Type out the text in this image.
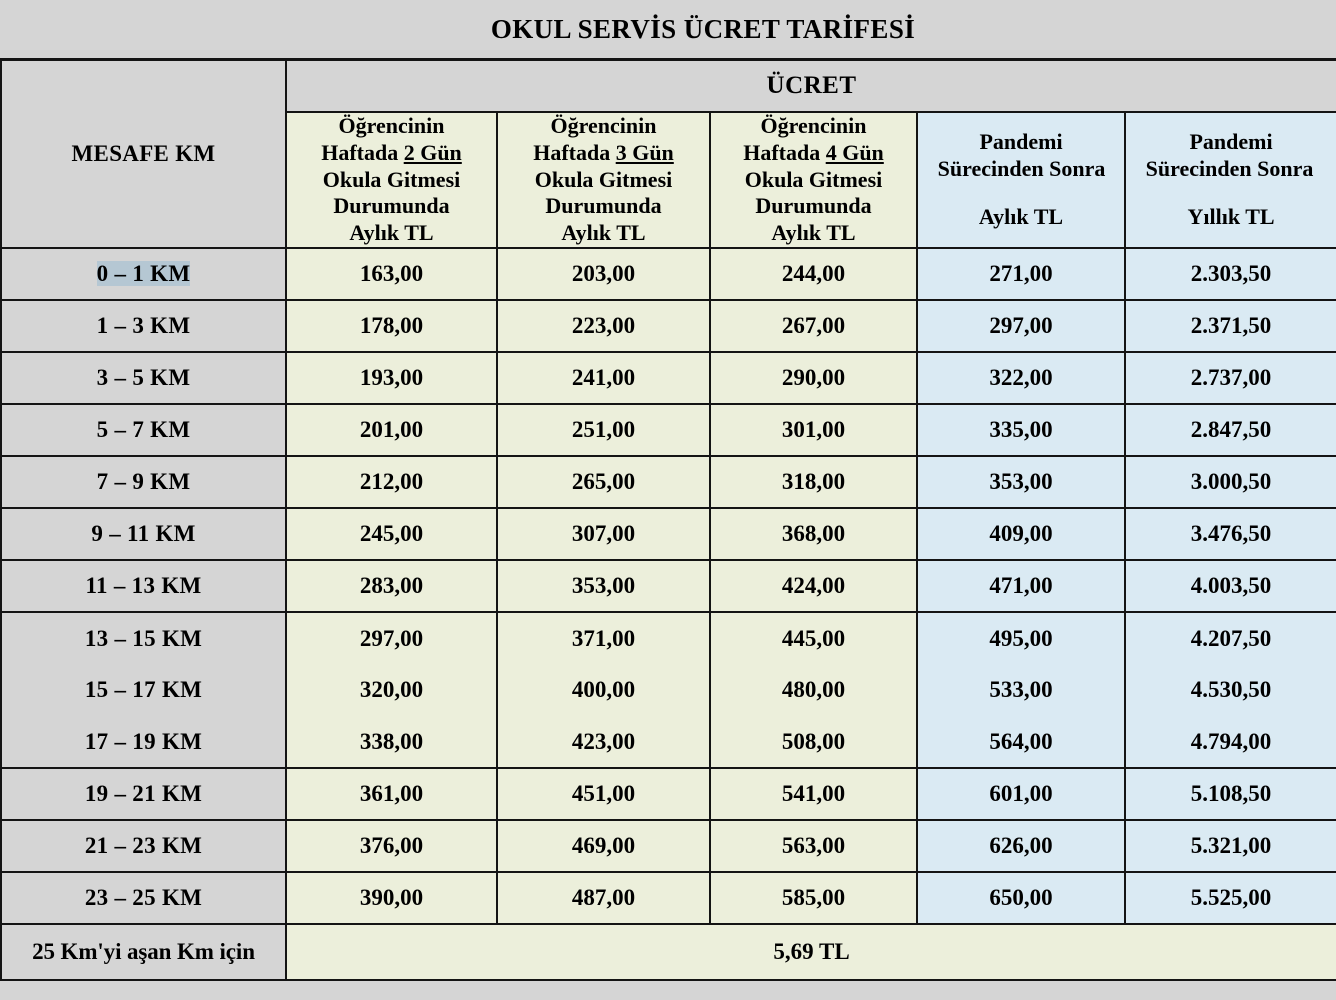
OKUL SERVİS ÜCRET TARİFESİ
MESAFE KM	ÜCRET				

Öğrencinin
Haftada 2 Gün
Okula Gitmesi
Durumunda
Aylık TL

Öğrencinin
Haftada 3 Gün
Okula Gitmesi
Durumunda
Aylık TL

Öğrencinin
Haftada 4 Gün
Okula Gitmesi
Durumunda
Aylık TL

Pandemi
Sürecinden Sonra
Aylık TL

Pandemi
Sürecinden Sonra
Yıllık TL

0 – 1 KM	163,00	203,00	244,00	271,00	2.303,50
1 – 3 KM	178,00	223,00	267,00	297,00	2.371,50
3 – 5 KM	193,00	241,00	290,00	322,00	2.737,00
5 – 7 KM	201,00	251,00	301,00	335,00	2.847,50
7 – 9 KM	212,00	265,00	318,00	353,00	3.000,50
9 – 11 KM	245,00	307,00	368,00	409,00	3.476,50
11 – 13 KM	283,00	353,00	424,00	471,00	4.003,50
13 – 15 KM	297,00	371,00	445,00	495,00	4.207,50
15 – 17 KM	320,00	400,00	480,00	533,00	4.530,50
17 – 19 KM	338,00	423,00	508,00	564,00	4.794,00
19 – 21 KM	361,00	451,00	541,00	601,00	5.108,50
21 – 23 KM	376,00	469,00	563,00	626,00	5.321,00
23 – 25 KM	390,00	487,00	585,00	650,00	5.525,00
25 Km'yi aşan Km için	5,69 TL				
